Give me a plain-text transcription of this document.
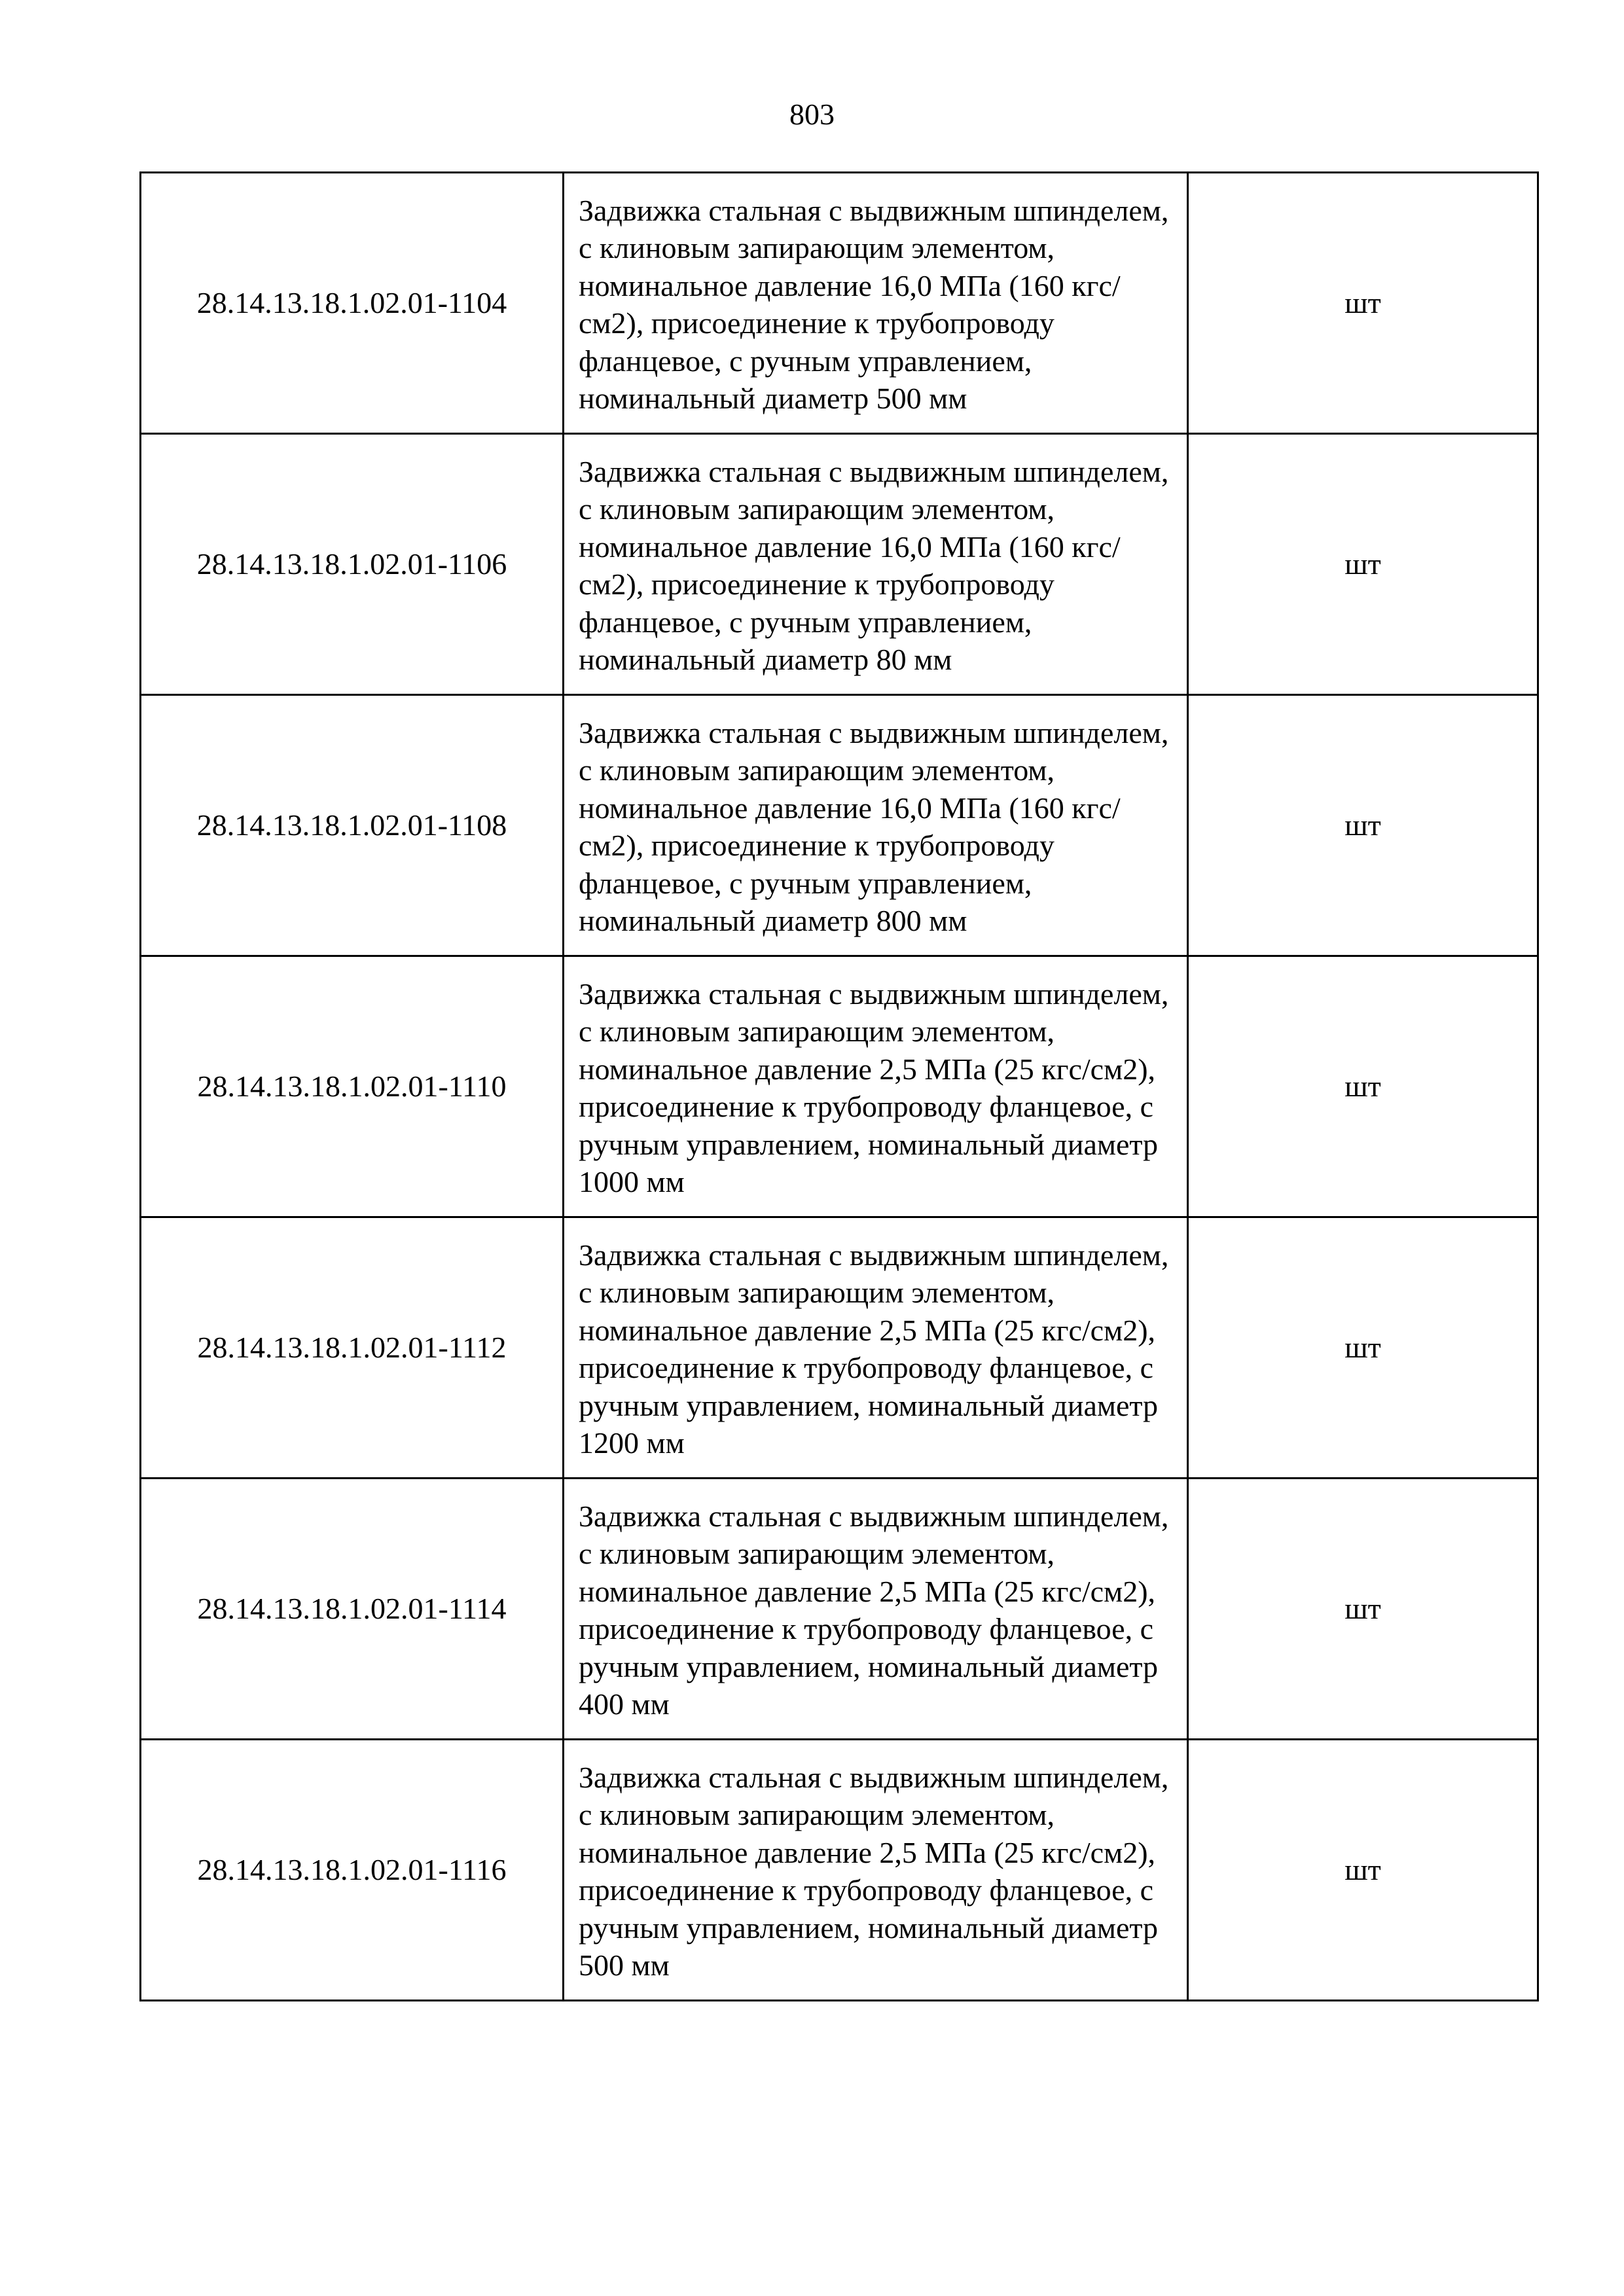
803
28.14.13.18.1.02.01-1104	Задвижка стальная с выдвижным шпинделем, с клиновым запирающим элементом, номинальное давление 16,0 МПа (160 кгс/см2), присоединение к трубопроводу фланцевое, с ручным управлением, номинальный диаметр 500 мм	шт
28.14.13.18.1.02.01-1106	Задвижка стальная с выдвижным шпинделем, с клиновым запирающим элементом, номинальное давление 16,0 МПа (160 кгс/см2), присоединение к трубопроводу фланцевое, с ручным управлением, номинальный диаметр 80 мм	шт
28.14.13.18.1.02.01-1108	Задвижка стальная с выдвижным шпинделем, с клиновым запирающим элементом, номинальное давление 16,0 МПа (160 кгс/см2), присоединение к трубопроводу фланцевое, с ручным управлением, номинальный диаметр 800 мм	шт
28.14.13.18.1.02.01-1110	Задвижка стальная с выдвижным шпинделем, с клиновым запирающим элементом, номинальное давление 2,5 МПа (25 кгс/см2), присоединение к трубопроводу фланцевое, с ручным управлением, номинальный диаметр 1000 мм	шт
28.14.13.18.1.02.01-1112	Задвижка стальная с выдвижным шпинделем, с клиновым запирающим элементом, номинальное давление 2,5 МПа (25 кгс/см2), присоединение к трубопроводу фланцевое, с ручным управлением, номинальный диаметр 1200 мм	шт
28.14.13.18.1.02.01-1114	Задвижка стальная с выдвижным шпинделем, с клиновым запирающим элементом, номинальное давление 2,5 МПа (25 кгс/см2), присоединение к трубопроводу фланцевое, с ручным управлением, номинальный диаметр 400 мм	шт
28.14.13.18.1.02.01-1116	Задвижка стальная с выдвижным шпинделем, с клиновым запирающим элементом, номинальное давление 2,5 МПа (25 кгс/см2), присоединение к трубопроводу фланцевое, с ручным управлением, номинальный диаметр 500 мм	шт
